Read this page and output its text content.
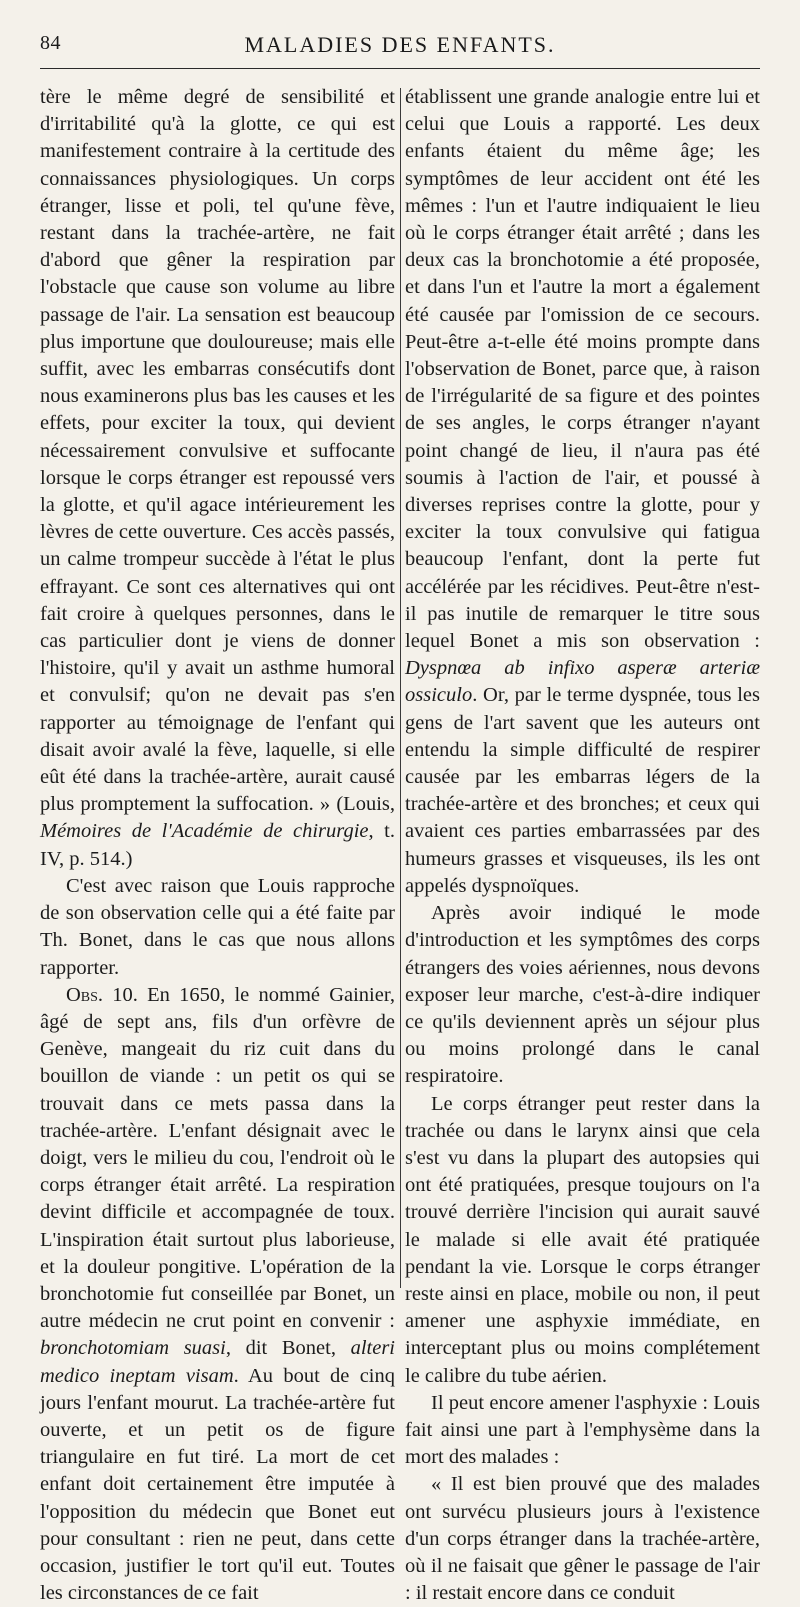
84	MALADIES DES ENFANTS.

tère le même degré de sensibilité et d'irritabilité qu'à la glotte, ce qui est manifestement contraire à la certitude des connaissances physiologiques. Un corps étranger, lisse et poli, tel qu'une fève, restant dans la trachée-artère, ne fait d'abord que gêner la respiration par l'obstacle que cause son volume au libre passage de l'air. La sensation est beaucoup plus importune que douloureuse; mais elle suffit, avec les embarras consécutifs dont nous examinerons plus bas les causes et les effets, pour exciter la toux, qui devient nécessairement convulsive et suffocante lorsque le corps étranger est repoussé vers la glotte, et qu'il agace intérieurement les lèvres de cette ouverture. Ces accès passés, un calme trompeur succède à l'état le plus effrayant. Ce sont ces alternatives qui ont fait croire à quelques personnes, dans le cas particulier dont je viens de donner l'histoire, qu'il y avait un asthme humoral et convulsif; qu'on ne devait pas s'en rapporter au témoignage de l'enfant qui disait avoir avalé la fève, laquelle, si elle eût été dans la trachée-artère, aurait causé plus promptement la suffocation. » (Louis, Mémoires de l'Académie de chirurgie, t. IV, p. 514.)

C'est avec raison que Louis rapproche de son observation celle qui a été faite par Th. Bonet, dans le cas que nous allons rapporter.

Obs. 10. En 1650, le nommé Gainier, âgé de sept ans, fils d'un orfèvre de Genève, mangeait du riz cuit dans du bouillon de viande : un petit os qui se trouvait dans ce mets passa dans la trachée-artère. L'enfant désignait avec le doigt, vers le milieu du cou, l'endroit où le corps étranger était arrêté. La respiration devint difficile et accompagnée de toux. L'inspiration était surtout plus laborieuse, et la douleur pongitive. L'opération de la bronchotomie fut conseillée par Bonet, un autre médecin ne crut point en convenir : bronchotomiam suasi, dit Bonet, alteri medico ineptam visam. Au bout de cinq jours l'enfant mourut. La trachée-artère fut ouverte, et un petit os de figure triangulaire en fut tiré. La mort de cet enfant doit certainement être imputée à l'opposition du médecin que Bonet eut pour consultant : rien ne peut, dans cette occasion, justifier le tort qu'il eut. Toutes les circonstances de ce fait

établissent une grande analogie entre lui et celui que Louis a rapporté. Les deux enfants étaient du même âge; les symptômes de leur accident ont été les mêmes : l'un et l'autre indiquaient le lieu où le corps étranger était arrêté ; dans les deux cas la bronchotomie a été proposée, et dans l'un et l'autre la mort a également été causée par l'omission de ce secours. Peut-être a-t-elle été moins prompte dans l'observation de Bonet, parce que, à raison de l'irrégularité de sa figure et des pointes de ses angles, le corps étranger n'ayant point changé de lieu, il n'aura pas été soumis à l'action de l'air, et poussé à diverses reprises contre la glotte, pour y exciter la toux convulsive qui fatigua beaucoup l'enfant, dont la perte fut accélérée par les récidives. Peut-être n'est-il pas inutile de remarquer le titre sous lequel Bonet a mis son observation : Dyspnœa ab infixo asperæ arteriæ ossiculo. Or, par le terme dyspnée, tous les gens de l'art savent que les auteurs ont entendu la simple difficulté de respirer causée par les embarras légers de la trachée-artère et des bronches; et ceux qui avaient ces parties embarrassées par des humeurs grasses et visqueuses, ils les ont appelés dyspnoïques.

Après avoir indiqué le mode d'introduction et les symptômes des corps étrangers des voies aériennes, nous devons exposer leur marche, c'est-à-dire indiquer ce qu'ils deviennent après un séjour plus ou moins prolongé dans le canal respiratoire.

Le corps étranger peut rester dans la trachée ou dans le larynx ainsi que cela s'est vu dans la plupart des autopsies qui ont été pratiquées, presque toujours on l'a trouvé derrière l'incision qui aurait sauvé le malade si elle avait été pratiquée pendant la vie. Lorsque le corps étranger reste ainsi en place, mobile ou non, il peut amener une asphyxie immédiate, en interceptant plus ou moins complétement le calibre du tube aérien.

Il peut encore amener l'asphyxie : Louis fait ainsi une part à l'emphysème dans la mort des malades :

« Il est bien prouvé que des malades ont survécu plusieurs jours à l'existence d'un corps étranger dans la trachée-artère, où il ne faisait que gêner le passage de l'air : il restait encore dans ce conduit
